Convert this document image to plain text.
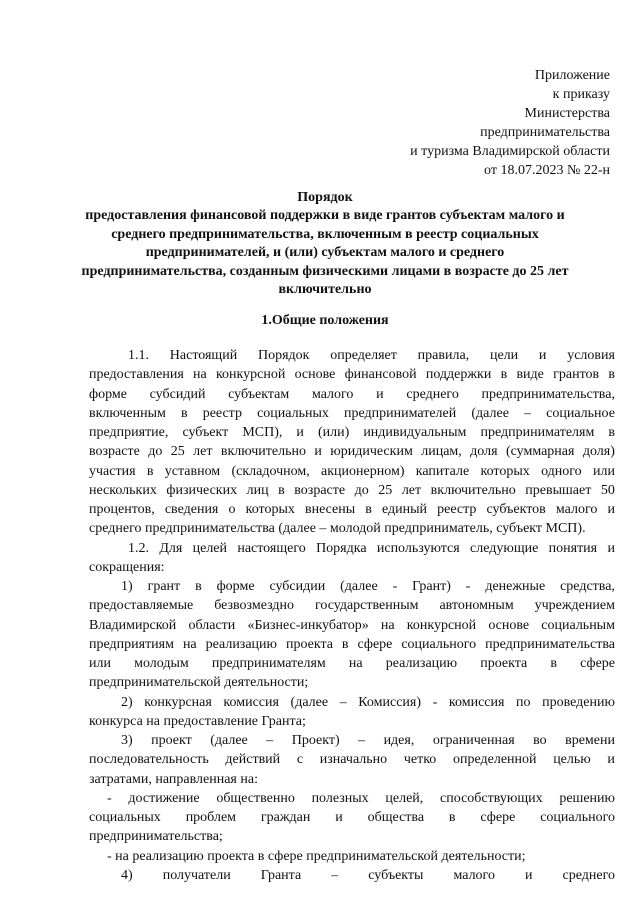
Приложение
к приказу
Министерства
предпринимательства
и туризма Владимирской области
от 18.07.2023 № 22-н
Порядок
предоставления финансовой поддержки в виде грантов субъектам малого и
среднего предпринимательства, включенным в реестр социальных
предпринимателей, и (или) субъектам малого и среднего
предпринимательства, созданным физическими лицами в возрасте до 25 лет
включительно
1.Общие положения
1.1. Настоящий Порядок определяет правила, цели и условия
предоставления на конкурсной основе финансовой поддержки в виде грантов в
форме субсидий субъектам малого и среднего предпринимательства,
включенным в реестр социальных предпринимателей (далее – социальное
предприятие, субъект МСП), и (или) индивидуальным предпринимателям в
возрасте до 25 лет включительно и юридическим лицам, доля (суммарная доля)
участия в уставном (складочном, акционерном) капитале которых одного или
нескольких физических лиц в возрасте до 25 лет включительно превышает 50
процентов, сведения о которых внесены в единый реестр субъектов малого и
среднего предпринимательства (далее – молодой предприниматель, субъект МСП).
1.2. Для целей настоящего Порядка используются следующие понятия и
сокращения:
1) грант в форме субсидии (далее - Грант) - денежные средства,
предоставляемые безвозмездно государственным автономным учреждением
Владимирской области «Бизнес-инкубатор» на конкурсной основе социальным
предприятиям на реализацию проекта в сфере социального предпринимательства
или молодым предпринимателям на реализацию проекта в сфере
предпринимательской деятельности;
2) конкурсная комиссия (далее – Комиссия) - комиссия по проведению
конкурса на предоставление Гранта;
3) проект (далее – Проект) – идея, ограниченная во времени
последовательность действий с изначально четко определенной целью и
затратами, направленная на:
- достижение общественно полезных целей, способствующих решению
социальных проблем граждан и общества в сфере социального
предпринимательства;
- на реализацию проекта в сфере предпринимательской деятельности;
4) получатели Гранта – субъекты малого и среднего
